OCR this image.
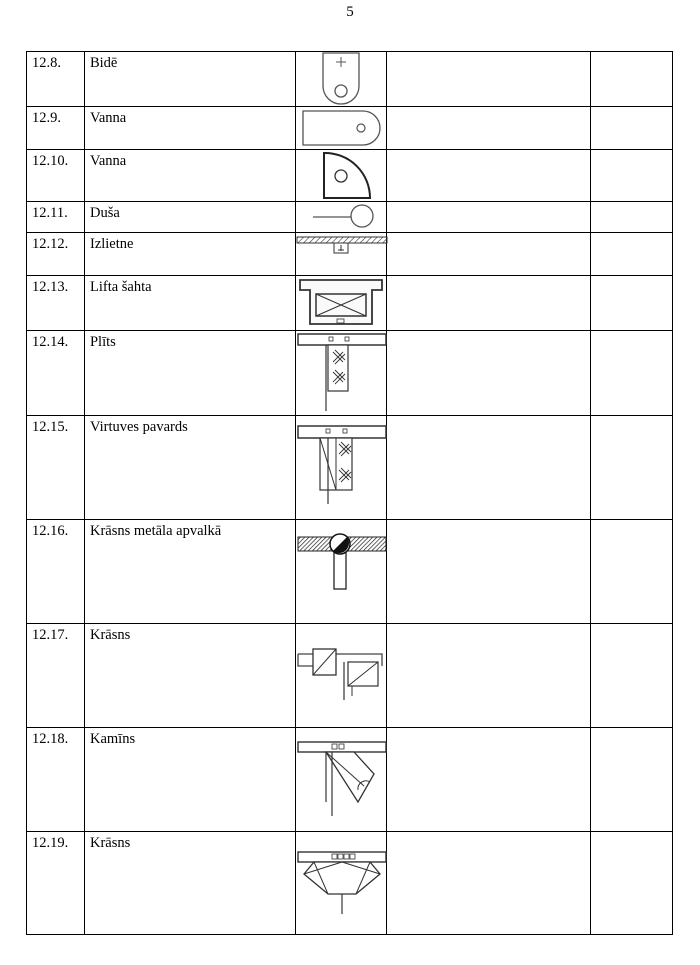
5
12.8.	Bidē	

12.9.	Vanna	

12.10.	Vanna	

12.11.	Duša	

12.12.	Izlietne	

12.13.	Lifta šahta	

12.14.	Plīts	

12.15.	Virtuves pavards	

12.16.	Krāsns metāla apvalkā	

12.17.	Krāsns	

12.18.	Kamīns	

12.19.	Krāsns	
